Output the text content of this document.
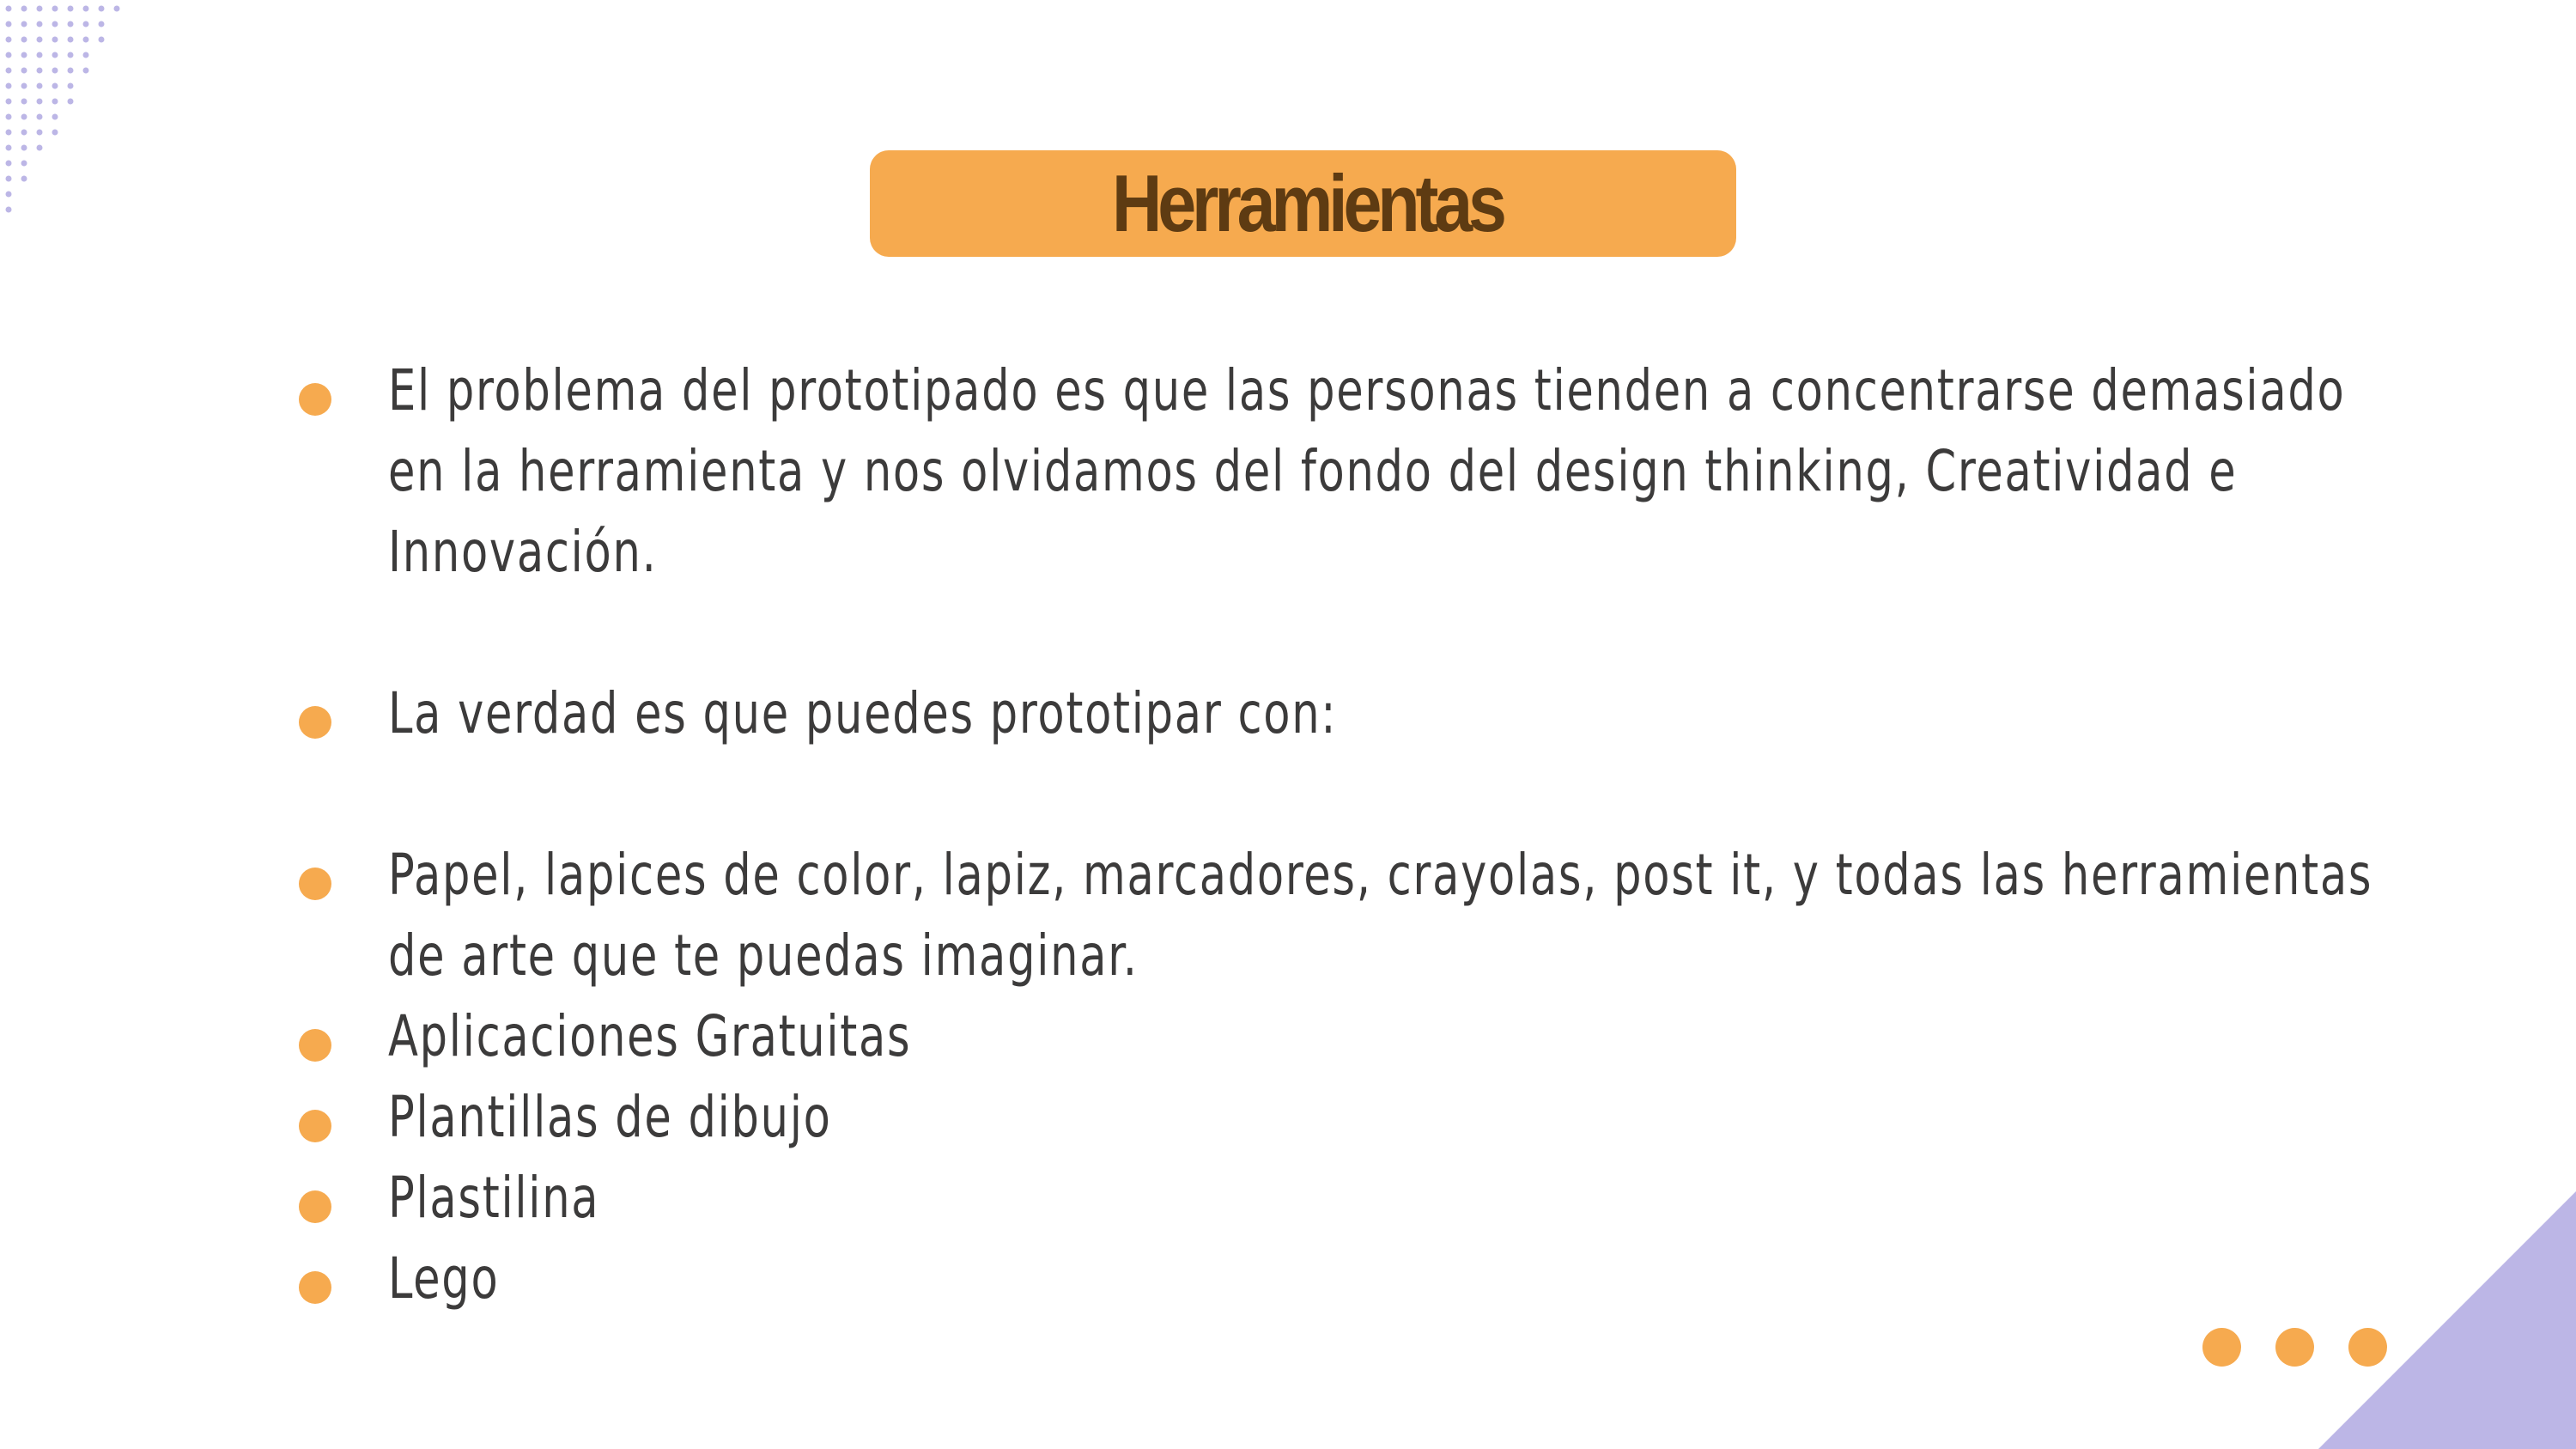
Herramientas
El problema del prototipado es que las personas tienden a concentrarse demasiado en la herramienta y nos olvidamos del fondo del design thinking, Creatividad e Innovación.
La verdad es que puedes prototipar con:
Papel, lapices de color, lapiz, marcadores, crayolas, post it, y todas las herramientas de arte que te puedas imaginar.
Aplicaciones Gratuitas
Plantillas de dibujo
Plastilina
Lego
